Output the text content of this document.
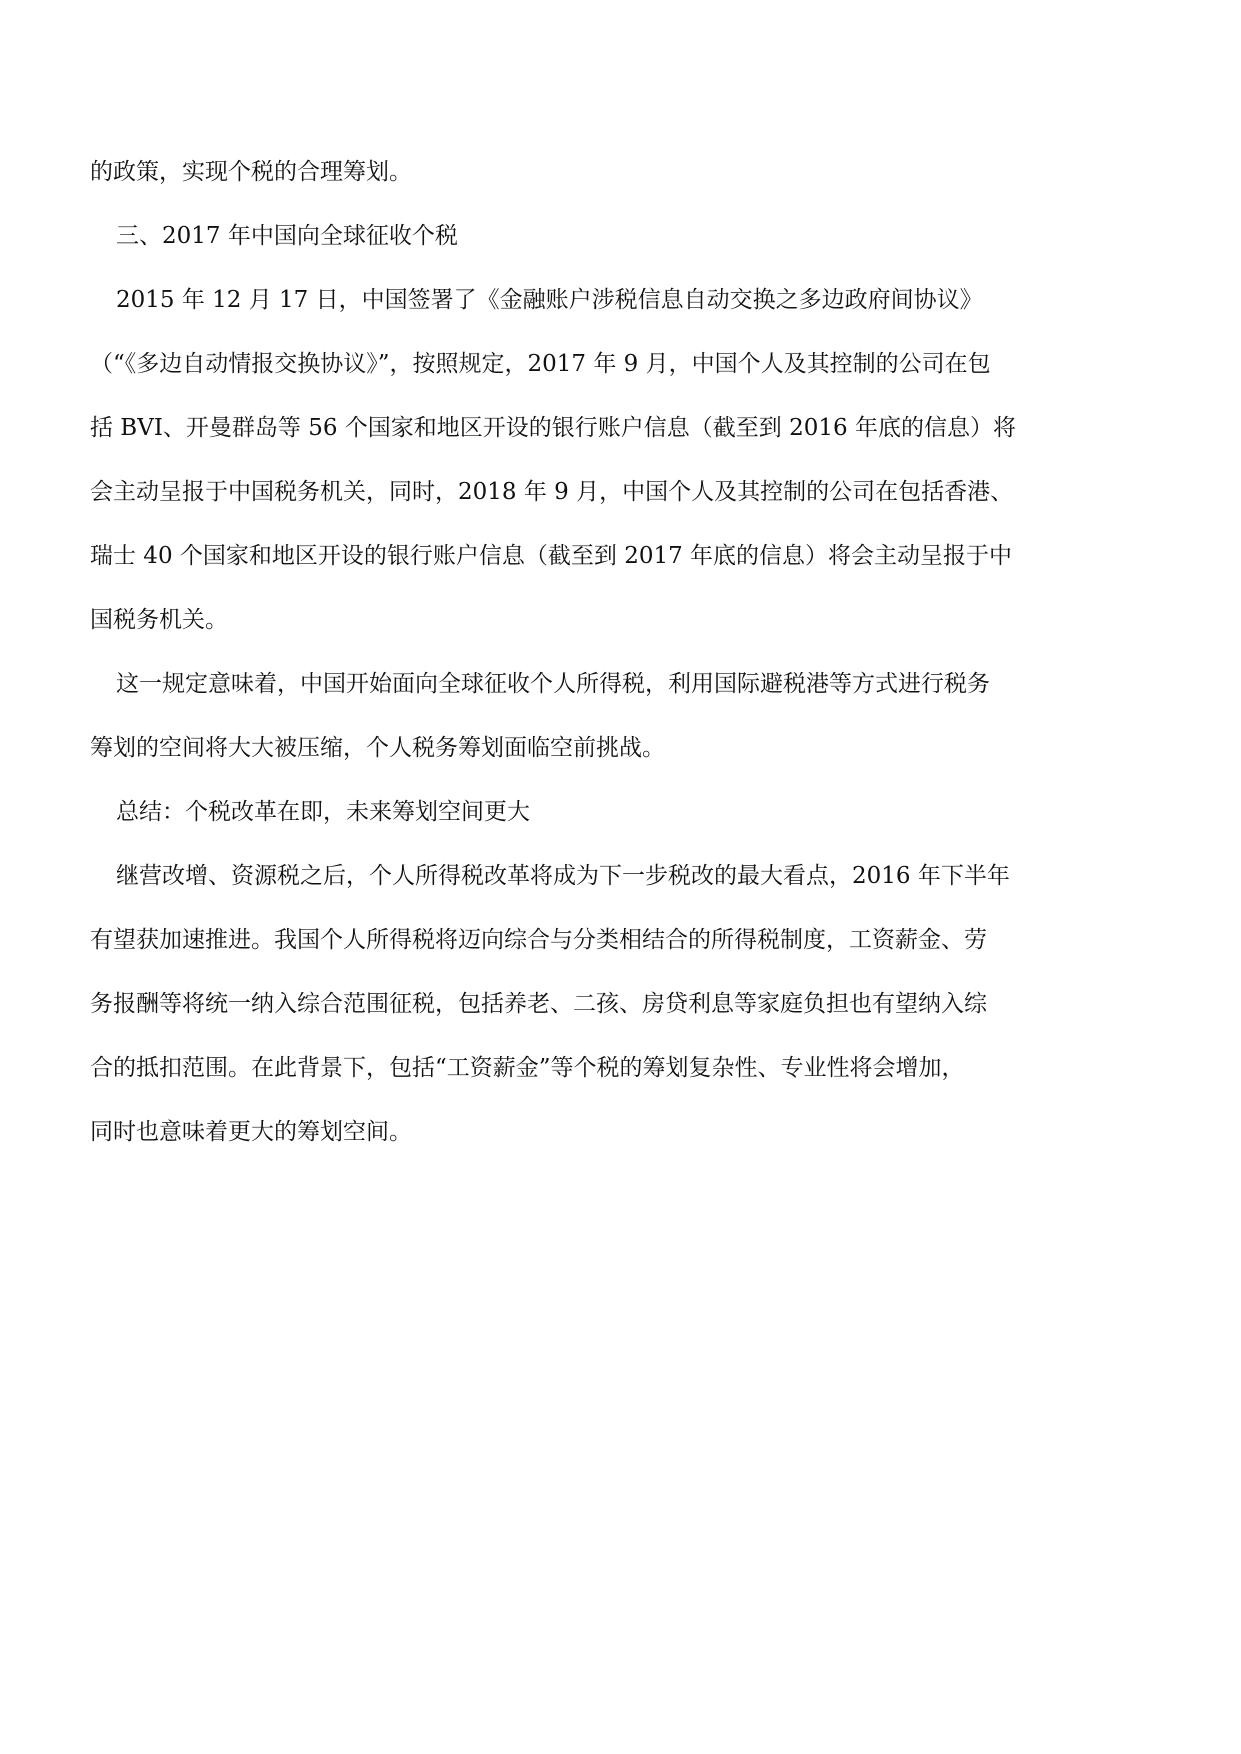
的政策，实现个税的合理筹划。

三、2017 年中国向全球征收个税

2015 年 12 月 17 日，中国签署了《金融账户涉税信息自动交换之多边政府间协议》
（“《多边自动情报交换协议》”，按照规定，2017 年 9 月，中国个人及其控制的公司在包
括 BVI、开曼群岛等 56 个国家和地区开设的银行账户信息（截至到 2016 年底的信息）将
会主动呈报于中国税务机关，同时，2018 年 9 月，中国个人及其控制的公司在包括香港、
瑞士 40 个国家和地区开设的银行账户信息（截至到 2017 年底的信息）将会主动呈报于中
国税务机关。

这一规定意味着，中国开始面向全球征收个人所得税，利用国际避税港等方式进行税务
筹划的空间将大大被压缩，个人税务筹划面临空前挑战。

总结：个税改革在即，未来筹划空间更大

继营改增、资源税之后，个人所得税改革将成为下一步税改的最大看点，2016 年下半年
有望获加速推进。我国个人所得税将迈向综合与分类相结合的所得税制度，工资薪金、劳
务报酬等将统一纳入综合范围征税，包括养老、二孩、房贷利息等家庭负担也有望纳入综
合的抵扣范围。在此背景下，包括“工资薪金”等个税的筹划复杂性、专业性将会增加，
同时也意味着更大的筹划空间。
